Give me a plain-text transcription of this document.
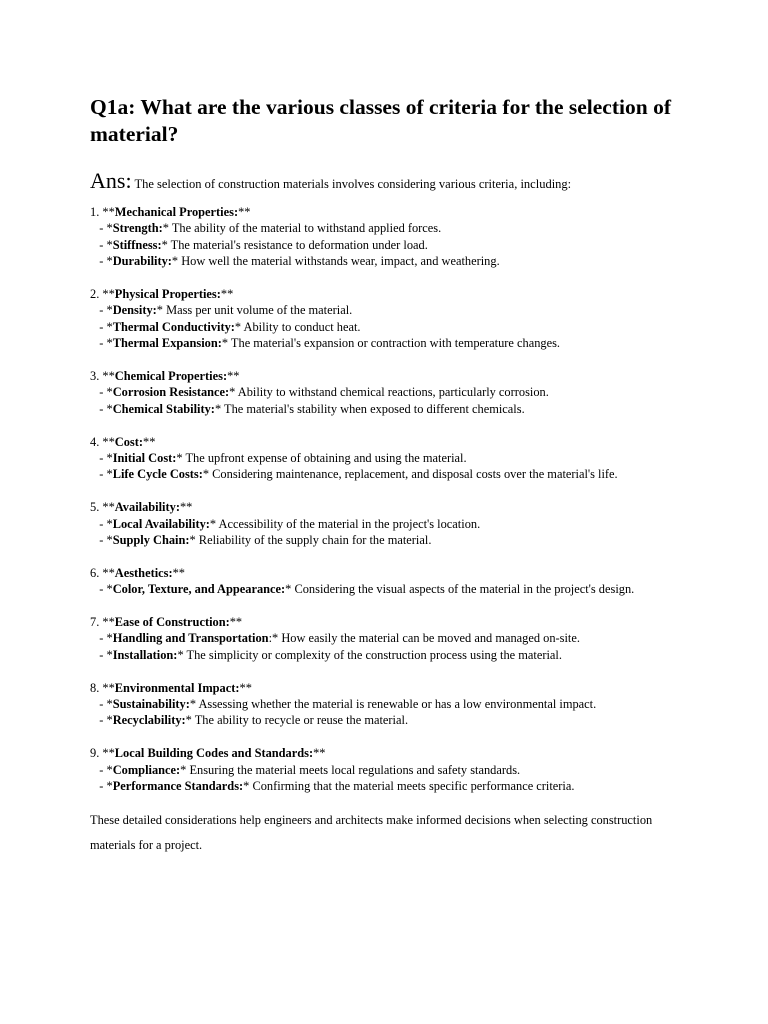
Q1a: What are the various classes of criteria for the selection of material?
Ans: The selection of construction materials involves considering various criteria, including:
1. **Mechanical Properties:**
- *Strength:* The ability of the material to withstand applied forces.
- *Stiffness:* The material's resistance to deformation under load.
- *Durability:* How well the material withstands wear, impact, and weathering.
2. **Physical Properties:**
- *Density:* Mass per unit volume of the material.
- *Thermal Conductivity:* Ability to conduct heat.
- *Thermal Expansion:* The material's expansion or contraction with temperature changes.
3. **Chemical Properties:**
- *Corrosion Resistance:* Ability to withstand chemical reactions, particularly corrosion.
- *Chemical Stability:* The material's stability when exposed to different chemicals.
4. **Cost:**
- *Initial Cost:* The upfront expense of obtaining and using the material.
- *Life Cycle Costs:* Considering maintenance, replacement, and disposal costs over the material's life.
5. **Availability:**
- *Local Availability:* Accessibility of the material in the project's location.
- *Supply Chain:* Reliability of the supply chain for the material.
6. **Aesthetics:**
- *Color, Texture, and Appearance:* Considering the visual aspects of the material in the project's design.
7. **Ease of Construction:**
- *Handling and Transportation:* How easily the material can be moved and managed on-site.
- *Installation:* The simplicity or complexity of the construction process using the material.
8. **Environmental Impact:**
- *Sustainability:* Assessing whether the material is renewable or has a low environmental impact.
- *Recyclability:* The ability to recycle or reuse the material.
9. **Local Building Codes and Standards:**
- *Compliance:* Ensuring the material meets local regulations and safety standards.
- *Performance Standards:* Confirming that the material meets specific performance criteria.
These detailed considerations help engineers and architects make informed decisions when selecting construction materials for a project.
